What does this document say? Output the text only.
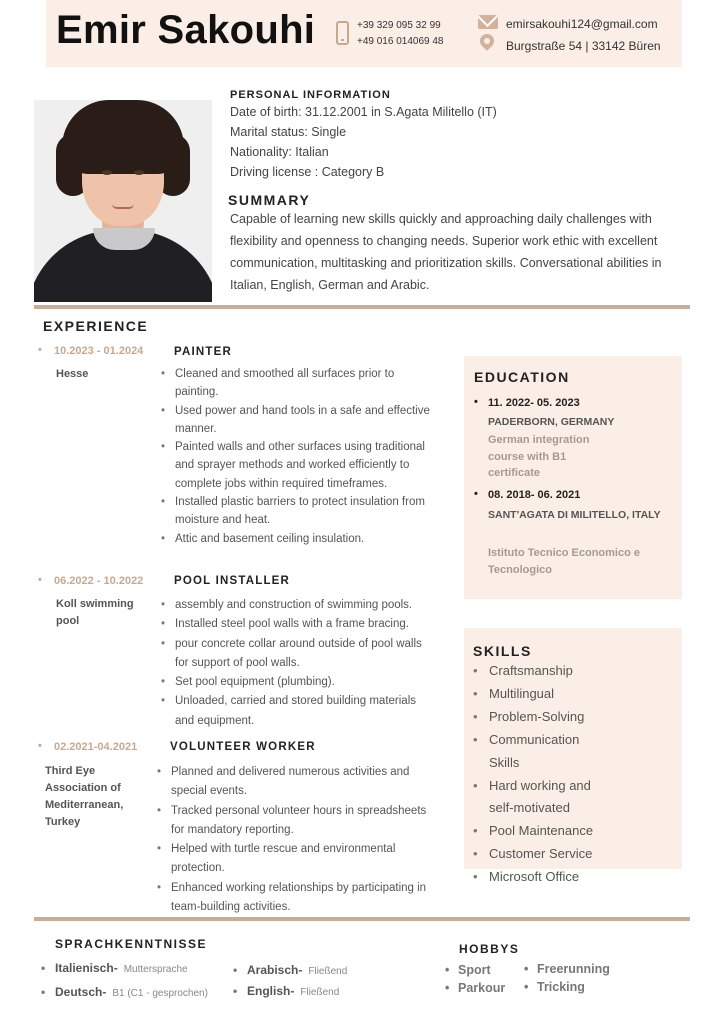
Emir Sakouhi	+39 329 095 32 99
+49 016 014069 48
emirsakouhi124@gmail.com
Burgstraße 54 | 33142 Büren
PERSONAL INFORMATION
Date of birth: 31.12.2001 in S.Agata Militello (IT)
Marital status: Single
Nationality: Italian
Driving license : Category B
SUMMARY
Capable of learning new skills quickly and approaching daily challenges with flexibility and openness to changing needs. Superior work ethic with excellent communication, multitasking and prioritization skills. Conversational abilities in Italian, English, German and Arabic.
EXPERIENCE
• 10.2023 - 01.2024
Hesse
PAINTER
• Cleaned and smoothed all surfaces prior to painting.
• Used power and hand tools in a safe and effective manner.
• Painted walls and other surfaces using traditional and sprayer methods and worked efficiently to complete jobs within required timeframes.
• Installed plastic barriers to protect insulation from moisture and heat.
• Attic and basement ceiling insulation.
• 06.2022 - 10.2022
Koll swimming pool
POOL INSTALLER
• assembly and construction of swimming pools.
• Installed steel pool walls with a frame bracing.
• pour concrete collar around outside of pool walls for support of pool walls.
• Set pool equipment (plumbing).
• Unloaded, carried and stored building materials and equipment.
• 02.2021-04.2021
Third Eye Association of Mediterranean, Turkey
VOLUNTEER WORKER
• Planned and delivered numerous activities and special events.
• Tracked personal volunteer hours in spreadsheets for mandatory reporting.
• Helped with turtle rescue and environmental protection.
• Enhanced working relationships by participating in team-building activities.
EDUCATION
• 11. 2022- 05. 2023
PADERBORN, GERMANY
German integration course with B1 certificate
• 08. 2018- 06. 2021
SANT'AGATA DI MILITELLO, ITALY
Istituto Tecnico Economico e Tecnologico
SKILLS
• Craftsmanship
• Multilingual
• Problem-Solving
• Communication Skills
• Hard working and self-motivated
• Pool Maintenance
• Customer Service
• Microsoft Office
SPRACHKENNTNISSE
• Italienisch- Muttersprache	• Arabisch- Fließend
• Deutsch- B1 (C1 - gesprochen)	• English- Fließend
HOBBYS
• Sport	• Freerunning
• Parkour	• Tricking
